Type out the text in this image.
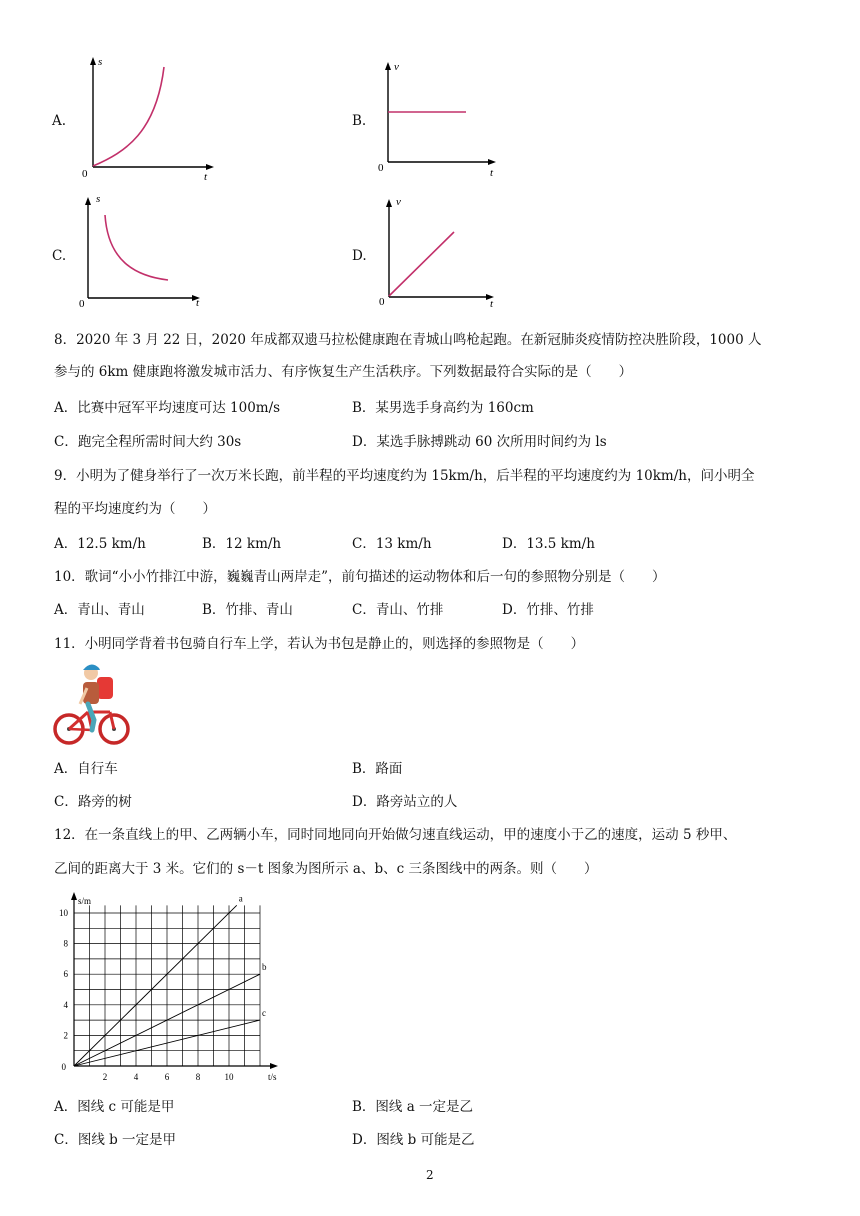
A.
s
t
0
B.
v
t
0
C.
s
t
0
D.
v
t
0
8．2020 年 3 月 22 日，2020 年成都双遗马拉松健康跑在青城山鸣枪起跑。在新冠肺炎疫情防控决胜阶段，1000 人
参与的 6km 健康跑将激发城市活力、有序恢复生产生活秩序。下列数据最符合实际的是（　　）
A．比赛中冠军平均速度可达 100m/s	B．某男选手身高约为 160cm
C．跑完全程所需时间大约 30s	D．某选手脉搏跳动 60 次所用时间约为 ls
9．小明为了健身举行了一次万米长跑，前半程的平均速度约为 15km/h，后半程的平均速度约为 10km/h，问小明全
程的平均速度约为（　　）
A．12.5 km/h	B．12 km/h	C．13 km/h	D．13.5 km/h
10．歌词“小小竹排江中游，巍巍青山两岸走”，前句描述的运动物体和后一句的参照物分别是（　　）
A．青山、青山	B．竹排、青山	C．青山、竹排	D．竹排、竹排
11．小明同学背着书包骑自行车上学，若认为书包是静止的，则选择的参照物是（　　）
A．自行车	B．路面
C．路旁的树	D．路旁站立的人
12．在一条直线上的甲、乙两辆小车，同时同地同向开始做匀速直线运动，甲的速度小于乙的速度，运动 5 秒甲、
乙间的距离大于 3 米。它们的 s－t 图象为图所示 a、b、c 三条图线中的两条。则（　　）
2	4	6	8	10
2
4
6
8
10
0
s/m
t/s
a
b
c
A．图线 c 可能是甲	B．图线 a 一定是乙
C．图线 b 一定是甲	D．图线 b 可能是乙
2
